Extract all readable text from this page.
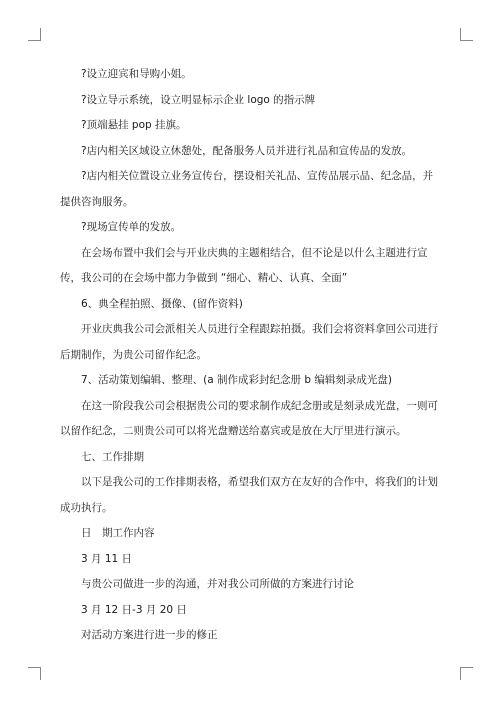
?设立迎宾和导购小姐。

?设立导示系统，设立明显标示企业 logo 的指示牌

?顶端悬挂 pop 挂旗。

?店内相关区域设立休憩处，配备服务人员并进行礼品和宣传品的发放。

?店内相关位置设立业务宣传台，摆设相关礼品、宣传品展示品、纪念品，并提供咨询服务。

?现场宣传单的发放。

在会场布置中我们会与开业庆典的主题相结合，但不论是以什么主题进行宣传，我公司的在会场中都力争做到 “细心、精心、认真、全面”

6、典全程拍照、摄像、(留作资料)

开业庆典我公司会派相关人员进行全程跟踪拍摄。我们会将资料拿回公司进行后期制作，为贵公司留作纪念。

7、活动策划编辑、整理、(a 制作成彩封纪念册 b 编辑刻录成光盘)

在这一阶段我公司会根据贵公司的要求制作成纪念册或是刻录成光盘，一则可以留作纪念，二则贵公司可以将光盘赠送给嘉宾或是放在大厅里进行演示。

七、工作排期

以下是我公司的工作排期表格，希望我们双方在友好的合作中，将我们的计划成功执行。

日　期工作内容

3 月 11 日

与贵公司做进一步的沟通，并对我公司所做的方案进行讨论

3 月 12 日-3 月 20 日

对活动方案进行进一步的修正
